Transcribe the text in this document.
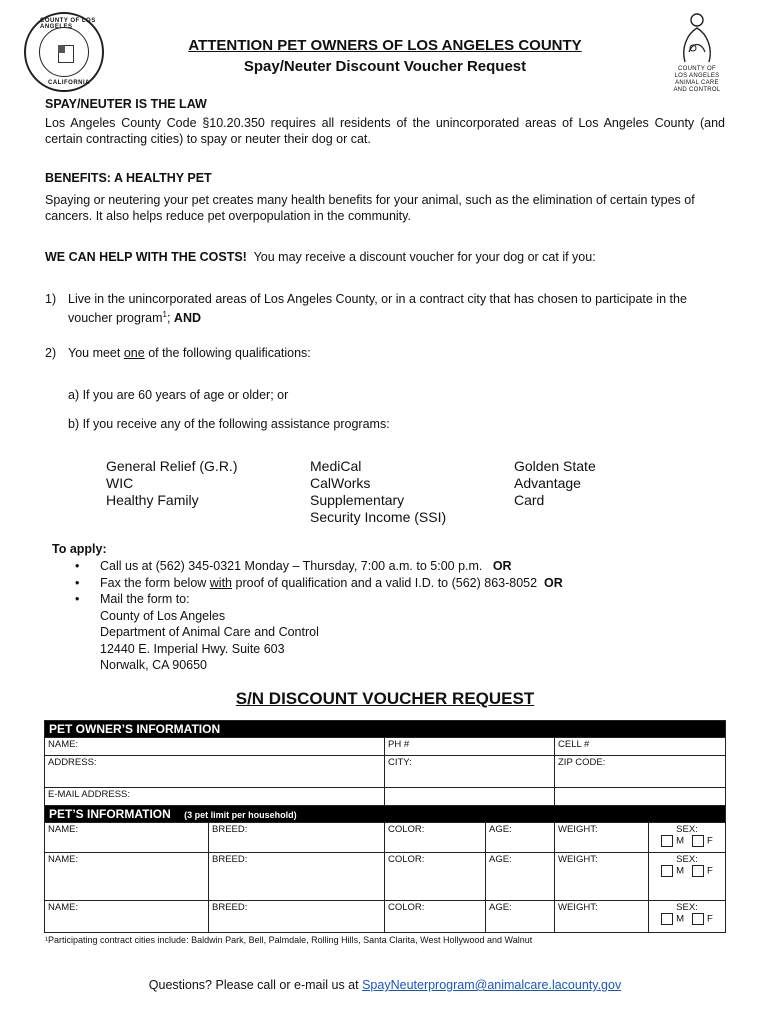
COUNTY OF LOS ANGELES
CALIFORNIA
ATTENTION PET OWNERS OF LOS ANGELES COUNTY
Spay/Neuter Discount Voucher Request	COUNTY OF
LOS ANGELES
ANIMAL CARE
AND CONTROL
SPAY/NEUTER IS THE LAW
Los Angeles County Code §10.20.350 requires all residents of the unincorporated areas of Los Angeles County (and certain contracting cities) to spay or neuter their dog or cat.
BENEFITS: A HEALTHY PET
Spaying or neutering your pet creates many health benefits for your animal, such as the elimination of certain types of cancers. It also helps reduce pet overpopulation in the community.
WE CAN HELP WITH THE COSTS! You may receive a discount voucher for your dog or cat if you:
1) Live in the unincorporated areas of Los Angeles County, or in a contract city that has chosen to participate in the voucher program$^1$; AND
2) You meet one of the following qualifications:
a) If you are 60 years of age or older; or
b) If you receive any of the following assistance programs:
General Relief (G.R.)
WIC
Healthy Family
MediCal
CalWorks
Supplementary Security Income (SSI)
Golden State Advantage Card
To apply:
• Call us at (562) 345-0321 Monday – Thursday, 7:00 a.m. to 5:00 p.m. OR
• Fax the form below with proof of qualification and a valid I.D. to (562) 863-8052 OR
• Mail the form to:
County of Los Angeles
Department of Animal Care and Control
12440 E. Imperial Hwy. Suite 603
Norwalk, CA 90650
S/N DISCOUNT VOUCHER REQUEST
PET OWNER’S INFORMATION					
NAME:		PH #		CELL #	
ADDRESS:		CITY:		ZIP CODE:	
E-MAIL ADDRESS:					
PET’S INFORMATION (3 pet limit per household)					
NAME:	BREED:	COLOR:	AGE:	WEIGHT:	SEX:
M F
NAME:	BREED:	COLOR:	AGE:	WEIGHT:	SEX:
M F
NAME:	BREED:	COLOR:	AGE:	WEIGHT:	SEX:
M F
¹Participating contract cities include: Baldwin Park, Bell, Palmdale, Rolling Hills, Santa Clarita, West Hollywood and Walnut
Questions? Please call or e-mail us at SpayNeuterprogram@animalcare.lacounty.gov
